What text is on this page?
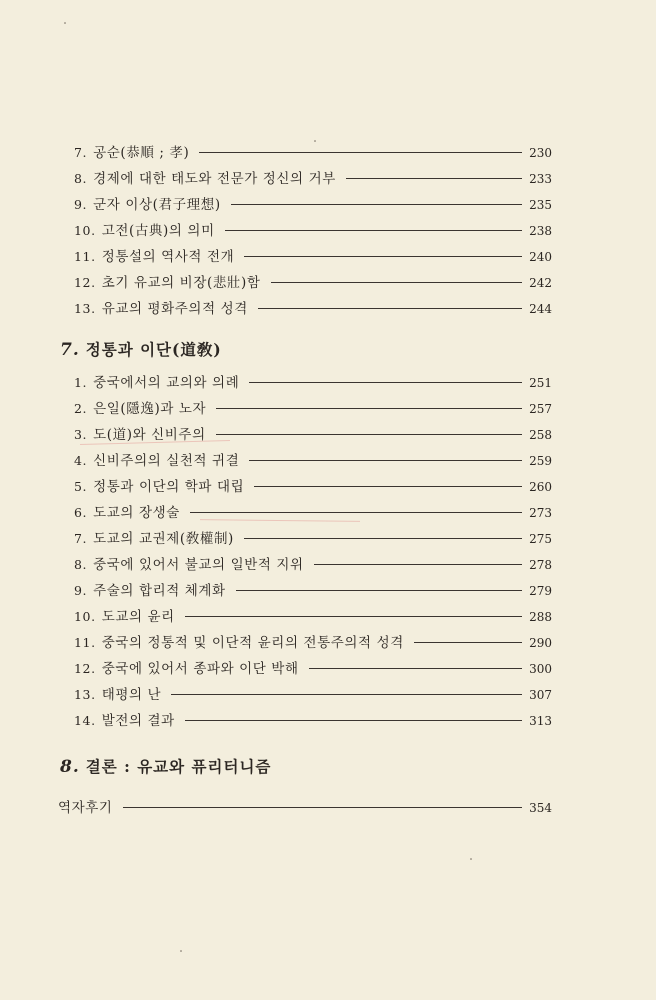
7. 공순(恭順 ; 孝)	230
8. 경제에 대한 태도와 전문가 정신의 거부	233
9. 군자 이상(君子理想)	235
10. 고전(古典)의 의미	238
11. 정통설의 역사적 전개	240
12. 초기 유교의 비장(悲壯)함	242
13. 유교의 평화주의적 성격	244
7. 정통과 이단(道敎)
1. 중국에서의 교의와 의례	251
2. 은일(隱逸)과 노자	257
3. 도(道)와 신비주의	258
4. 신비주의의 실천적 귀결	259
5. 정통과 이단의 학파 대립	260
6. 도교의 장생술	273
7. 도교의 교권제(敎權制)	275
8. 중국에 있어서 불교의 일반적 지위	278
9. 주술의 합리적 체계화	279
10. 도교의 윤리	288
11. 중국의 정통적 및 이단적 윤리의 전통주의적 성격	290
12. 중국에 있어서 종파와 이단 박해	300
13. 태평의 난	307
14. 발전의 결과	313
8. 결론 : 유교와 퓨리터니즘
역자후기	354
